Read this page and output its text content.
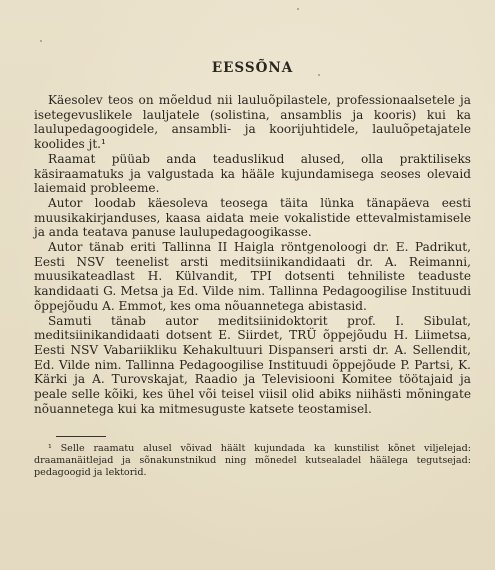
EESSÕNA

Käesolev teos on mõeldud nii lauluõpilastele, professionaalsetele ja isetegevuslikele lauljatele (solistina, ansamblis ja kooris) kui ka laulupedagoogidele, ansambli- ja koorijuhtidele, lauluõpetajatele koolides jt.¹

Raamat püüab anda teaduslikud alused, olla praktiliseks käsiraamatuks ja valgustada ka hääle kujundamisega seoses olevaid laiemaid probleeme.

Autor loodab käesoleva teosega täita lünka tänapäeva eesti muusikakirjanduses, kaasa aidata meie vokalistide ettevalmistamisele ja anda teatava panuse laulupedagoogikasse.

Autor tänab eriti Tallinna II Haigla röntgenoloogi dr. E. Padrikut, Eesti NSV teenelist arsti meditsiinikandidaati dr. A. Reimanni, muusikateadlast H. Külvandit, TPI dotsenti tehniliste teaduste kandidaati G. Metsa ja Ed. Vilde nim. Tallinna Pedagoogilise Instituudi õppejõudu A. Emmot, kes oma nõuannetega abistasid.

Samuti tänab autor meditsiinidoktorit prof. I. Sibulat, meditsiinikandidaati dotsent E. Siirdet, TRÜ õppejõudu H. Liimetsa, Eesti NSV Vabariikliku Kehakultuuri Dispanseri arsti dr. A. Sellendit, Ed. Vilde nim. Tallinna Pedagoogilise Instituudi õppejõude P. Partsi, K. Kärki ja A. Turovskajat, Raadio ja Televisiooni Komitee töötajaid ja peale selle kõiki, kes ühel või teisel viisil olid abiks niihästi mõningate nõuannetega kui ka mitmesuguste katsete teostamisel.

¹ Selle raamatu alusel võivad häält kujundada ka kunstilist kõnet viljelejad: draamanäitlejad ja sõnakunstnikud ning mõnedel kutsealadel häälega tegutsejad: pedagoogid ja lektorid.
